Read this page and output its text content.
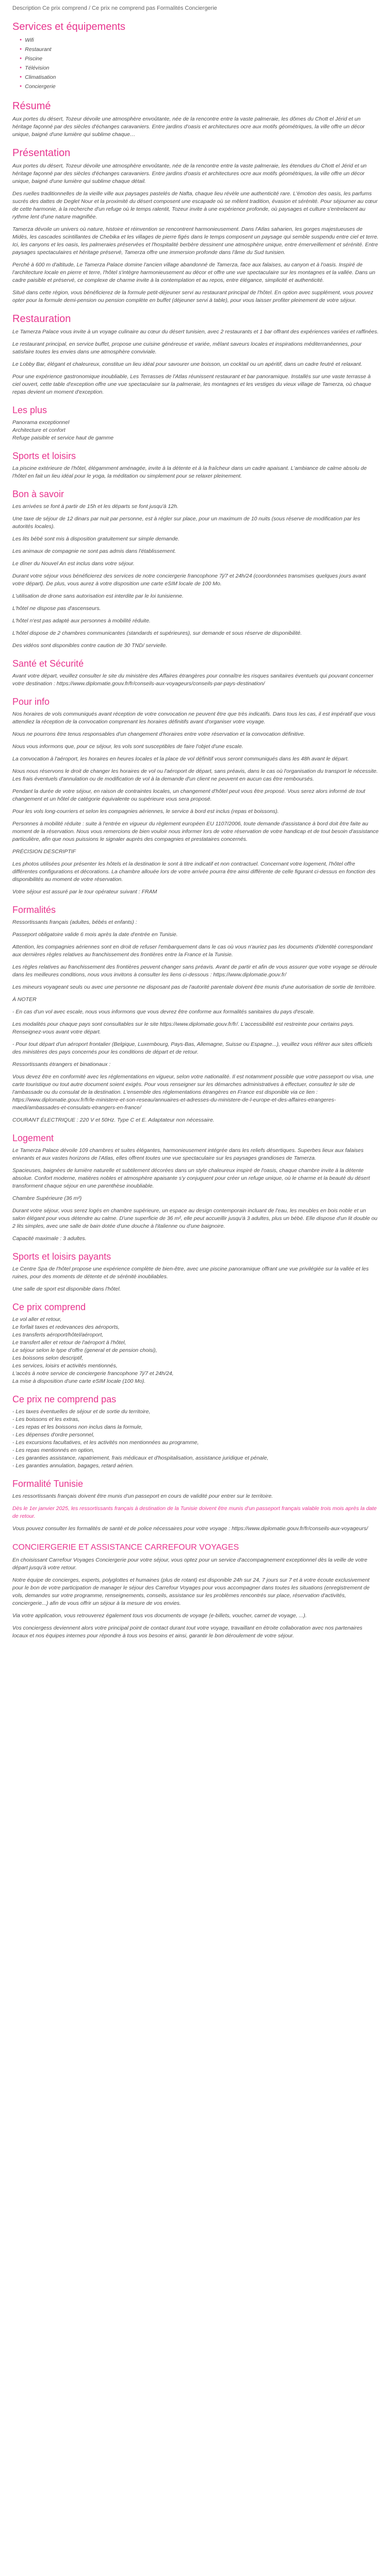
Description Ce prix comprend / Ce prix ne comprend pas Formalités Conciergerie
Services et équipements
● Wifi
● Restaurant
● Piscine
● Télévision
● Climatisation
● Conciergerie
Résumé

Aux portes du désert, Tozeur dévoile une atmosphère envoûtante, née de la rencontre entre la vaste palmeraie, les dômes du Chott el Jérid et un héritage façonné par des siècles d'échanges caravaniers. Entre jardins d'oasis et architectures ocre aux motifs géométriques, la ville offre un décor unique, baigné d'une lumière qui sublime chaque…

Présentation

Aux portes du désert, Tozeur dévoile une atmosphère envoûtante, née de la rencontre entre la vaste palmeraie, les étendues du Chott el Jérid et un héritage façonné par des siècles d'échanges caravaniers. Entre jardins d'oasis et architectures ocre aux motifs géométriques, la ville offre un décor unique, baigné d'une lumière qui sublime chaque détail.

Des ruelles traditionnelles de la vieille ville aux paysages pastelés de Nafta, chaque lieu révèle une authenticité rare. L'émotion des oasis, les parfums sucrés des dattes de Deglet Nour et la proximité du désert composent une escapade où se mêlent tradition, évasion et sérénité. Pour séjourner au cœur de cette harmonie, à la recherche d'un refuge où le temps ralentit, Tozeur invite à une expérience profonde, où paysages et culture s'entrelacent au rythme lent d'une nature magnifiée.

Tamerza dévoile un univers où nature, histoire et réinvention se rencontrent harmonieusement. Dans l'Atlas saharien, les gorges majestueuses de Midès, les cascades scintillantes de Chebika et les villages de pierre figés dans le temps composent un paysage qui semble suspendu entre ciel et terre. Ici, les canyons et les oasis, les palmeraies préservées et l'hospitalité berbère dessinent une atmosphère unique, entre émerveillement et sérénité. Entre paysages spectaculaires et héritage préservé, Tamerza offre une immersion profonde dans l'âme du Sud tunisien.

Perché à 600 m d'altitude, Le Tamerza Palace domine l'ancien village abandonné de Tamerza, face aux falaises, au canyon et à l'oasis. Inspiré de l'architecture locale en pierre et terre, l'hôtel s'intègre harmonieusement au décor et offre une vue spectaculaire sur les montagnes et la vallée. Dans un cadre paisible et préservé, ce complexe de charme invite à la contemplation et au repos, entre élégance, simplicité et authenticité.

Situé dans cette région, vous bénéficierez de la formule petit-déjeuner servi au restaurant principal de l'hôtel. En option avec supplément, vous pouvez opter pour la formule demi-pension ou pension complète en buffet (déjeuner servi à table), pour vous laisser profiter pleinement de votre séjour.

Restauration

Le Tamerza Palace vous invite à un voyage culinaire au cœur du désert tunisien, avec 2 restaurants et 1 bar offrant des expériences variées et raffinées.

Le restaurant principal, en service buffet, propose une cuisine généreuse et variée, mêlant saveurs locales et inspirations méditerranéennes, pour satisfaire toutes les envies dans une atmosphère conviviale.

Le Lobby Bar, élégant et chaleureux, constitue un lieu idéal pour savourer une boisson, un cocktail ou un apéritif, dans un cadre feutré et relaxant.

Pour une expérience gastronomique inoubliable, Les Terrasses de l'Atlas réunissent restaurant et bar panoramique. Installés sur une vaste terrasse à ciel ouvert, cette table d'exception offre une vue spectaculaire sur la palmeraie, les montagnes et les vestiges du vieux village de Tamerza, où chaque repas devient un moment d'exception.

Les plus
Panorama exceptionnel
Architecture et confort
Refuge paisible et service haut de gamme
Sports et loisirs

La piscine extérieure de l'hôtel, élégamment aménagée, invite à la détente et à la fraîcheur dans un cadre apaisant. L'ambiance de calme absolu de l'hôtel en fait un lieu idéal pour le yoga, la méditation ou simplement pour se relaxer pleinement.

Bon à savoir

Les arrivées se font à partir de 15h et les départs se font jusqu'à 12h.

Une taxe de séjour de 12 dinars par nuit par personne, est à régler sur place, pour un maximum de 10 nuits (sous réserve de modification par les autorités locales).

Les lits bébé sont mis à disposition gratuitement sur simple demande.

Les animaux de compagnie ne sont pas admis dans l'établissement.

Le dîner du Nouvel An est inclus dans votre séjour.

Durant votre séjour vous bénéficierez des services de notre conciergerie francophone 7j/7 et 24h/24 (coordonnées transmises quelques jours avant votre départ). De plus, vous aurez à votre disposition une carte eSIM locale de 100 Mo.

L'utilisation de drone sans autorisation est interdite par le loi tunisienne.

L'hôtel ne dispose pas d'ascenseurs.

L'hôtel n'est pas adapté aux personnes à mobilité réduite.

L'hôtel dispose de 2 chambres communicantes (standards et supérieures), sur demande et sous réserve de disponibilité.

Des vidéos sont disponibles contre caution de 30 TND/ servielle.

Santé et Sécurité

Avant votre départ, veuillez consulter le site du ministère des Affaires étrangères pour connaître les risques sanitaires éventuels qui pouvant concerner votre destination : https://www.diplomatie.gouv.fr/fr/conseils-aux-voyageurs/conseils-par-pays-destination/

Pour info

Nos horaires de vols communiqués avant réception de votre convocation ne peuvent être que très indicatifs. Dans tous les cas, il est impératif que vous attendiez la réception de la convocation comprenant les horaires définitifs avant d'organiser votre voyage.

Nous ne pourrons être tenus responsables d'un changement d'horaires entre votre réservation et la convocation définitive.

Nous vous informons que, pour ce séjour, les vols sont susceptibles de faire l'objet d'une escale.

La convocation à l'aéroport, les horaires en heures locales et la place de vol définitif vous seront communiqués dans les 48h avant le départ.

Nous nous réservons le droit de changer les horaires de vol ou l'aéroport de départ, sans préavis, dans le cas où l'organisation du transport le nécessite. Les frais éventuels d'annulation ou de modification de vol à la demande d'un client ne peuvent en aucun cas être remboursés.

Pendant la durée de votre séjour, en raison de contraintes locales, un changement d'hôtel peut vous être proposé. Vous serez alors informé de tout changement et un hôtel de catégorie équivalente ou supérieure vous sera proposé.

Pour les vols long-courriers et selon les compagnies aériennes, le service à bord est inclus (repas et boissons).

Personnes à mobilité réduite : suite à l'entrée en vigueur du règlement européen EU 1107/2006, toute demande d'assistance à bord doit être faite au moment de la réservation. Nous vous remercions de bien vouloir nous informer lors de votre réservation de votre handicap et de tout besoin d'assistance particulière, afin que nous puissions le signaler auprès des compagnies et prestataires concernés.

PRÉCISION DESCRIPTIF

Les photos utilisées pour présenter les hôtels et la destination le sont à titre indicatif et non contractuel. Concernant votre logement, l'hôtel offre différentes configurations et décorations. La chambre allouée lors de votre arrivée pourra être ainsi différente de celle figurant ci-dessus en fonction des disponibilités au moment de votre réservation.

Votre séjour est assuré par le tour opérateur suivant : FRAM

Formalités

Ressortissants français (adultes, bébés et enfants) :

Passeport obligatoire valide 6 mois après la date d'entrée en Tunisie.

Attention, les compagnies aériennes sont en droit de refuser l'embarquement dans le cas où vous n'auriez pas les documents d'identité correspondant aux dernières règles relatives au franchissement des frontières entre la France et la Tunisie.

Les règles relatives au franchissement des frontières peuvent changer sans préavis. Avant de partir et afin de vous assurer que votre voyage se déroule dans les meilleures conditions, nous vous invitons à consulter les liens ci-dessous : https://www.diplomatie.gouv.fr/

Les mineurs voyageant seuls ou avec une personne ne disposant pas de l'autorité parentale doivent être munis d'une autorisation de sortie de territoire.

À NOTER

- En cas d'un vol avec escale, nous vous informons que vous devrez être conforme aux formalités sanitaires du pays d'escale.

Les modalités pour chaque pays sont consultables sur le site https://www.diplomatie.gouv.fr/fr/. L'accessibilité est restreinte pour certains pays. Renseignez-vous avant votre départ.

- Pour tout départ d'un aéroport frontalier (Belgique, Luxembourg, Pays-Bas, Allemagne, Suisse ou Espagne...), veuillez vous référer aux sites officiels des ministères des pays concernés pour les conditions de départ et de retour.

Ressortissants étrangers et binationaux :

Vous devez être en conformité avec les réglementations en vigueur, selon votre nationalité. Il est notamment possible que votre passeport ou visa, une carte touristique ou tout autre document soient exigés. Pour vous renseigner sur les démarches administratives à effectuer, consultez le site de l'ambassade ou du consulat de la destination. L'ensemble des réglementations étrangères en France est disponible via ce lien : https://www.diplomatie.gouv.fr/fr/le-ministere-et-son-reseau/annuaires-et-adresses-du-ministere-de-l-europe-et-des-affaires-etrangeres-maedi/ambassades-et-consulats-etrangers-en-france/

COURANT ÉLECTRIQUE : 220 V et 50Hz. Type C et E. Adaptateur non nécessaire.

Logement

Le Tamerza Palace dévoile 109 chambres et suites élégantes, harmonieusement intégrée dans les reliefs désertiques. Superbes lieux aux falaises enivrants et aux vastes horizons de l'Atlas, elles offrent toutes une vue spectaculaire sur les paysages grandioses de Tamerza.

Spacieuses, baignées de lumière naturelle et subtilement décorées dans un style chaleureux inspiré de l'oasis, chaque chambre invite à la détente absolue. Confort moderne, matières nobles et atmosphère apaisante s'y conjuguent pour créer un refuge unique, où le charme et la beauté du désert transforment chaque séjour en une parenthèse inoubliable.

Chambre Supérieure (36 m²)

Durant votre séjour, vous serez logés en chambre supérieure, un espace au design contemporain incluant de l'eau, les meubles en bois noble et un salon élégant pour vous détendre au calme. D'une superficie de 36 m², elle peut accueillir jusqu'à 3 adultes, plus un bébé. Elle dispose d'un lit double ou 2 lits simples, avec une salle de bain dotée d'une douche à l'italienne ou d'une baignoire.

Capacité maximale : 3 adultes.

Sports et loisirs payants

Le Centre Spa de l'hôtel propose une expérience complète de bien-être, avec une piscine panoramique offrant une vue privilégiée sur la vallée et les ruines, pour des moments de détente et de sérénité inoubliables.

Une salle de sport est disponible dans l'hôtel.

Ce prix comprend
Le vol aller et retour,
Le forfait taxes et redevances des aéroports,
Les transferts aéroport/hôtel/aéroport,
Le transfert aller et retour de l'aéroport à l'hôtel,
Le séjour selon le type d'offre (general et de pension choisi),
Les boissons selon descriptif,
Les services, loisirs et activités mentionnés,
L'accès à notre service de conciergerie francophone 7j/7 et 24h/24,
La mise à disposition d'une carte eSIM locale (100 Mo).
Ce prix ne comprend pas
- Les taxes éventuelles de séjour et de sortie du territoire,
- Les boissons et les extras,
- Les repas et les boissons non inclus dans la formule,
- Les dépenses d'ordre personnel,
- Les excursions facultatives, et les activités non mentionnées au programme,
- Les repas mentionnés en option,
- Les garanties assistance, rapatriement, frais médicaux et d'hospitalisation, assistance juridique et pénale,
- Les garanties annulation, bagages, retard aérien.
Formalité Tunisie

Les ressortissants français doivent être munis d'un passeport en cours de validité pour entrer sur le territoire.

Dès le 1er janvier 2025, les ressortissants français à destination de la Tunisie doivent être munis d'un passeport français valable trois mois après la date de retour.

Vous pouvez consulter les formalités de santé et de police nécessaires pour votre voyage : https://www.diplomatie.gouv.fr/fr/conseils-aux-voyageurs/

CONCIERGERIE ET ASSISTANCE CARREFOUR VOYAGES

En choisissant Carrefour Voyages Conciergerie pour votre séjour, vous optez pour un service d'accompagnement exceptionnel dès la veille de votre départ jusqu'à votre retour.

Notre équipe de concierges, experts, polyglottes et humaines (plus de rotant) est disponible 24h sur 24, 7 jours sur 7 et à votre écoute exclusivement pour le bon de votre participation de manager le séjour des Carrefour Voyages pour vous accompagner dans toutes les situations (enregistrement de vols, demandes sur votre programme, renseignements, conseils, assistance sur les problèmes rencontrés sur place, réservation d'activités, conciergerie...) afin de vous offrir un séjour à la mesure de vos envies.

Via votre application, vous retrouverez également tous vos documents de voyage (e-billets, voucher, carnet de voyage, ...).

Vos conciergess deviennent alors votre principal point de contact durant tout votre voyage, travaillant en étroite collaboration avec nos partenaires locaux et nos équipes internes pour répondre à tous vos besoins et ainsi, garantir le bon déroulement de votre séjour.
